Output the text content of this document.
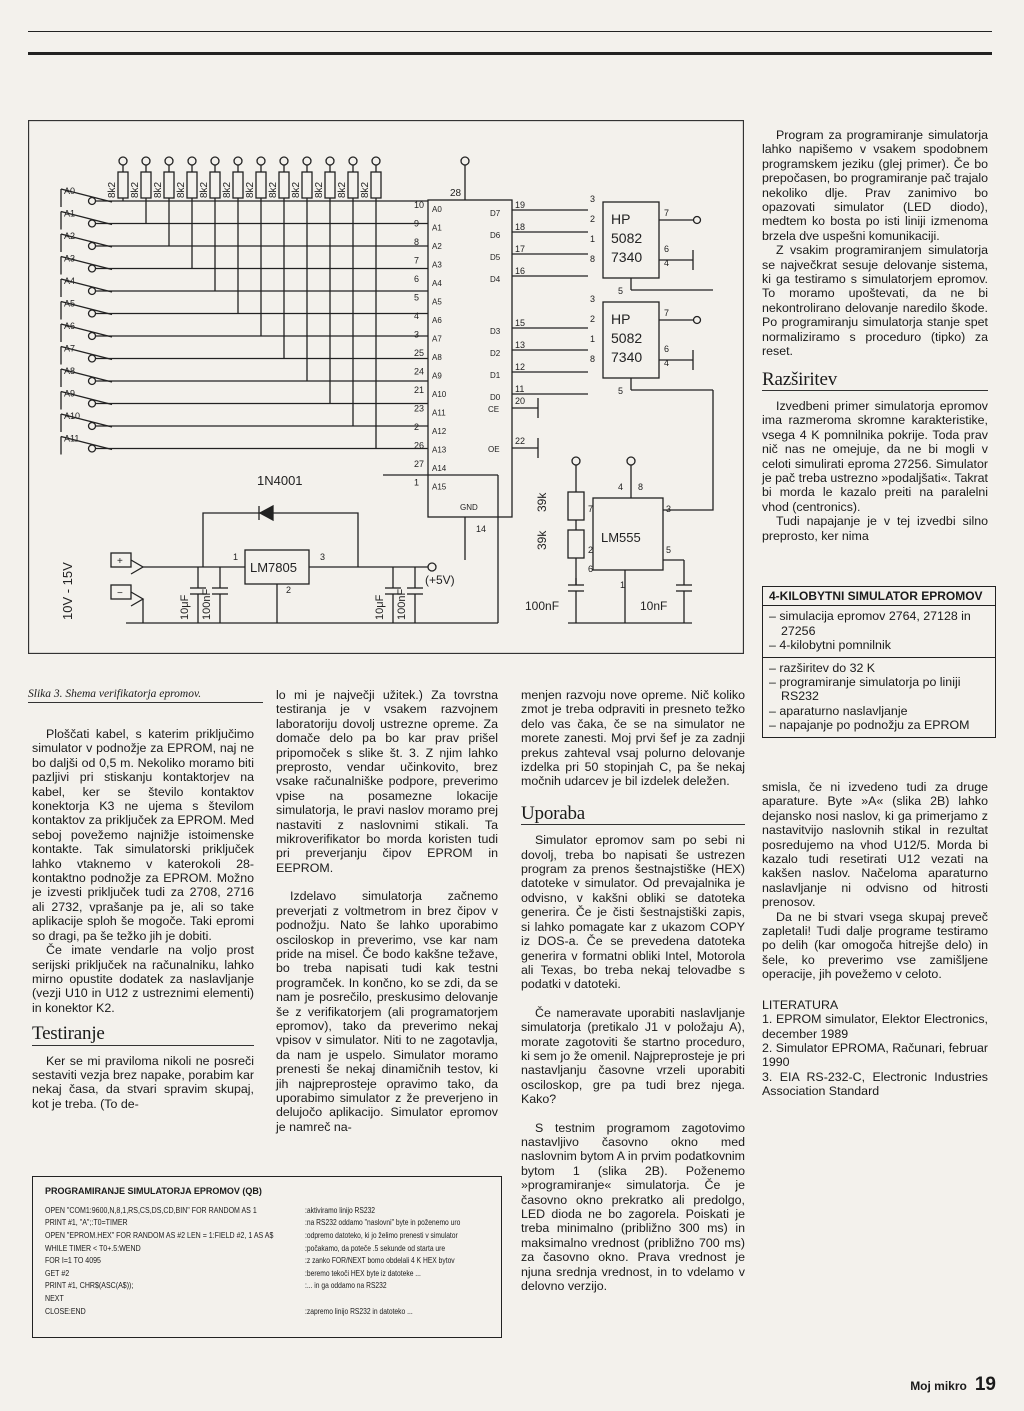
8k2 8k2 8k2 8k2 8k2 8k2 8k2 8k2 8k2 8k2 8k2 8k2
A0
A1
A2
A3
A4
A5
A6
A7
A8
A9
A10
A11
28
14
10 A0
9 A1
8 A2
7 A3
6 A4
5 A5
4 A6
3 A7
25 A8
24 A9
21 A10
23 A11
2 A12
26 A13
27 A14
1 A15
D7
19
D6
18
D5
17
D4
16
D3
15
D2
13
D1
12
D0
11
CE
OE
GND
20
22
HP
5082
7340
3
2
1
8
7
6
4
5
HP
5082
7340
3
2
1
8
7
6
4
5
+
−
10V - 15V	LM7805
1
2
3
(+5V)
1N4001
10μF 100nF	10μF 100nF
39k
39k	LM555
4 8
7	3
2
6
5
1
100nF	10nF
Slika 3. Shema verifikatorja epromov.

Ploščati kabel, s katerim priključimo simulator v podnožje za EPROM, naj ne bo daljši od 0,5 m. Nekoliko moramo biti pazljivi pri stiskanju kontaktorjev na kabel, ker se število kontaktov konektorja K3 ne ujema s številom kontaktov za priključek za EPROM. Med seboj povežemo najnižje istoimenske kontakte. Tak simulatorski priključek lahko vtaknemo v katerokoli 28-kontaktno podnožje za EPROM. Možno je izvesti priključek tudi za 2708, 2716 ali 2732, vprašanje pa je, ali so take aplikacije sploh še mogoče. Taki epromi so dragi, pa še težko jih je dobiti.

Če imate vendarle na voljo prost serijski priključek na računalniku, lahko mirno opustite dodatek za naslavljanje (vezji U10 in U12 z ustreznimi elementi) in konektor K2.

Testiranje

Ker se mi praviloma nikoli ne posreči sestaviti vezja brez napake, porabim kar nekaj časa, da stvari spravim skupaj, kot je treba. (To de-

lo mi je največji užitek.) Za tovrstna testiranja je v vsakem razvojnem laboratoriju dovolj ustrezne opreme. Za domače delo pa bo kar prav prišel pripomoček s slike št. 3. Z njim lahko preprosto, vendar učinkovito, brez vsake računalniške podpore, preverimo vpise na posamezne lokacije simulatorja, le pravi naslov moramo prej nastaviti z naslovnimi stikali. Ta mikroverifikator bo morda koristen tudi pri preverjanju čipov EPROM in EEPROM.

Izdelavo simulatorja začnemo preverjati z voltmetrom in brez čipov v podnožju. Nato še lahko uporabimo osciloskop in preverimo, vse kar nam pride na misel. Če bodo kakšne težave, bo treba napisati tudi kak testni programček. In končno, ko se zdi, da se nam je posrečilo, preskusimo delovanje še z verifikatorjem (ali programatorjem epromov), tako da preverimo nekaj vpisov v simulator. Niti to ne zagotavlja, da nam je uspelo. Simulator moramo prenesti še nekaj dinamičnih testov, ki jih najpreprosteje opravimo tako, da uporabimo simulator z že preverjeno in delujočo aplikacijo. Simulator epromov je namreč na-

menjen razvoju nove opreme. Nič koliko zmot je treba odpraviti in presneto težko delo vas čaka, če se na simulator ne morete zanesti. Moj prvi šef je za zadnji prekus zahteval vsaj polurno delovanje izdelka pri 50 stopinjah C, pa še nekaj močnih udarcev je bil izdelek deležen.

Uporaba

Simulator epromov sam po sebi ni dovolj, treba bo napisati še ustrezen program za prenos šestnajstiške (HEX) datoteke v simulator. Od prevajalnika je odvisno, v kakšni obliki se datoteka generira. Če je čisti šestnajstiški zapis, si lahko pomagate kar z ukazom COPY iz DOS-a. Če se prevedena datoteka generira v formatni obliki Intel, Motorola ali Texas, bo treba nekaj telovadbe s podatki v datoteki.

Če nameravate uporabiti naslavljanje simulatorja (pretikalo J1 v položaju A), morate zagotoviti še startno proceduro, ki sem jo že omenil. Najpreprosteje je pri nastavljanju časovne vrzeli uporabiti osciloskop, gre pa tudi brez njega. Kako?

S testnim programom zagotovimo nastavljivo časovno okno med naslovnim bytom A in prvim podatkovnim bytom 1 (slika 2B). Poženemo »programiranje« simulatorja. Če je časovno okno prekratko ali predolgo, LED dioda ne bo zagorela. Poiskati je treba minimalno (približno 300 ms) in maksimalno vrednost (približno 700 ms) za časovno okno. Prava vrednost je njuna srednja vrednost, in to vdelamo v delovno verzijo.

Program za programiranje simulatorja lahko napišemo v vsakem spodobnem programskem jeziku (glej primer). Če bo prepočasen, bo programiranje pač trajalo nekoliko dlje. Prav zanimivo bo opazovati simulator (LED diodo), medtem ko bosta po isti liniji izmenoma brzela dve uspešni komunikaciji.

Z vsakim programiranjem simulatorja se največkrat sesuje delovanje sistema, ki ga testiramo s simulatorjem epromov. To moramo upoštevati, da ne bi nekontrolirano delovanje naredilo škode. Po programiranju simulatorja stanje spet normaliziramo s proceduro (tipko) za reset.

Razširitev

Izvedbeni primer simulatorja epromov ima razmeroma skromne karakteristike, vsega 4 K pomnilnika pokrije. Toda prav nič nas ne omejuje, da ne bi mogli v celoti simulirati eproma 27256. Simulator je pač treba ustrezno »podaljšati«. Takrat bi morda le kazalo preiti na paralelni vhod (centronics).

Tudi napajanje je v tej izvedbi silno preprosto, ker nima

4-KILOBYTNI SIMULATOR EPROMOV
– simulacija epromov 2764, 27128 in 27256
– 4-kilobytni pomnilnik
– razširitev do 32 K
– programiranje simulatorja po liniji RS232
– aparaturno naslavljanje
– napajanje po podnožju za EPROM

smisla, če ni izvedeno tudi za druge aparature. Byte »A« (slika 2B) lahko dejansko nosi naslov, ki ga primerjamo z nastavitvijo naslovnih stikal in rezultat posredujemo na vhod U12/5. Morda bi kazalo tudi resetirati U12 vezati na kakšen naslov. Načeloma aparaturno naslavljanje ni odvisno od hitrosti prenosov.

Da ne bi stvari vsega skupaj preveč zapletali! Tudi dalje programe testiramo po delih (kar omogoča hitrejše delo) in šele, ko preverimo vse zamišljene operacije, jih povežemo v celoto.

LITERATURA
1. EPROM simulator, Elektor Electronics, december 1989
2. Simulator EPROMA, Računari, februar 1990
3. EIA RS-232-C, Electronic Industries Association Standard
PROGRAMIRANJE SIMULATORJA EPROMOV (QB)
OPEN "COM1:9600,N,8,1,RS,CS,DS,CD,BIN" FOR RANDOM AS 1	:aktiviramo linijo RS232
PRINT #1, "A";:T0=TIMER	:na RS232 oddamo "naslovni" byte in poženemo uro
OPEN "EPROM.HEX" FOR RANDOM AS #2 LEN = 1:FIELD #2, 1 AS A$	:odpremo datoteko, ki jo želimo prenesti v simulator
WHILE TIMER < T0+.5:WEND	:počakamo, da poteče .5 sekunde od starta ure
FOR I=1 TO 4095	:z zanko FOR/NEXT bomo obdelali 4 K HEX bytov
GET #2	:beremo tekoči HEX byte iz datoteke ...
PRINT #1, CHR$(ASC(A$));	:... in ga oddamo na RS232
NEXT
CLOSE:END	:zapremo linijo RS232 in datoteko ...
Moj mikro 19
